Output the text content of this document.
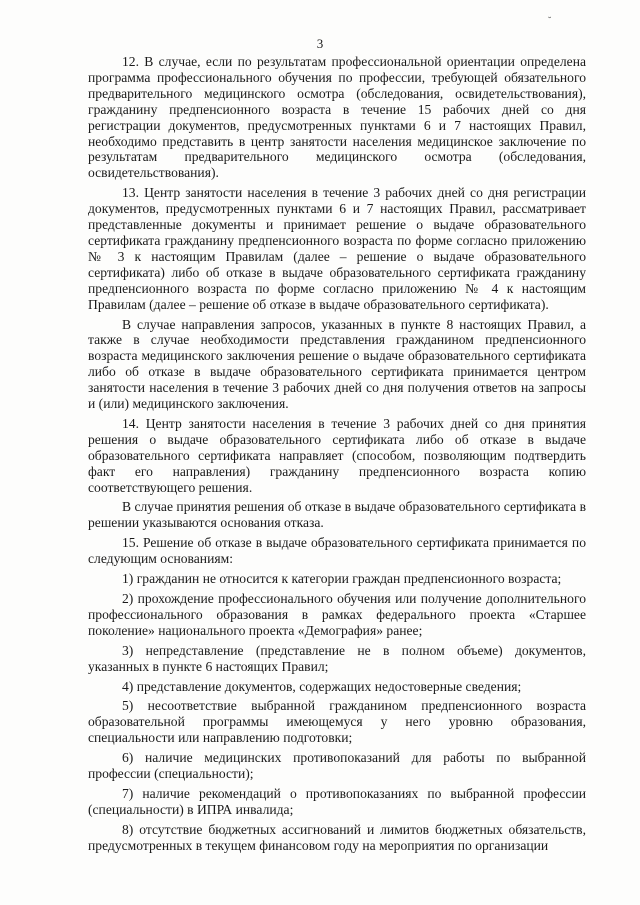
˘
3

12. В случае, если по результатам профессиональной ориентации определена программа профессионального обучения по профессии, требующей обязательного предварительного медицинского осмотра (обследования, освидетельствования), гражданину предпенсионного возраста в течение 15 рабочих дней со дня регистрации документов, предусмотренных пунктами 6 и 7 настоящих Правил, необходимо представить в центр занятости населения медицинское заключение по результатам предварительного медицинского осмотра (обследования, освидетельствования).

13. Центр занятости населения в течение 3 рабочих дней со дня регистрации документов, предусмотренных пунктами 6 и 7 настоящих Правил, рассматривает представленные документы и принимает решение о выдаче образовательного сертификата гражданину предпенсионного возраста по форме согласно приложению № 3 к настоящим Правилам (далее – решение о выдаче образовательного сертификата) либо об отказе в выдаче образовательного сертификата гражданину предпенсионного возраста по форме согласно приложению № 4 к настоящим Правилам (далее – решение об отказе в выдаче образовательного сертификата).

В случае направления запросов, указанных в пункте 8 настоящих Правил, а также в случае необходимости представления гражданином предпенсионного возраста медицинского заключения решение о выдаче образовательного сертификата либо об отказе в выдаче образовательного сертификата принимается центром занятости населения в течение 3 рабочих дней со дня получения ответов на запросы и (или) медицинского заключения.

14. Центр занятости населения в течение 3 рабочих дней со дня принятия решения о выдаче образовательного сертификата либо об отказе в выдаче образовательного сертификата направляет (способом, позволяющим подтвердить факт его направления) гражданину предпенсионного возраста копию соответствующего решения.

В случае принятия решения об отказе в выдаче образовательного сертификата в решении указываются основания отказа.

15. Решение об отказе в выдаче образовательного сертификата принимается по следующим основаниям:

1) гражданин не относится к категории граждан предпенсионного возраста;

2) прохождение профессионального обучения или получение дополнительного профессионального образования в рамках федерального проекта «Старшее поколение» национального проекта «Демография» ранее;

3) непредставление (представление не в полном объеме) документов, указанных в пункте 6 настоящих Правил;

4) представление документов, содержащих недостоверные сведения;

5) несоответствие выбранной гражданином предпенсионного возраста образовательной программы имеющемуся у него уровню образования, специальности или направлению подготовки;

6) наличие медицинских противопоказаний для работы по выбранной профессии (специальности);

7) наличие рекомендаций о противопоказаниях по выбранной профессии (специальности) в ИПРА инвалида;

8) отсутствие бюджетных ассигнований и лимитов бюджетных обязательств, предусмотренных в текущем финансовом году на мероприятия по организации
